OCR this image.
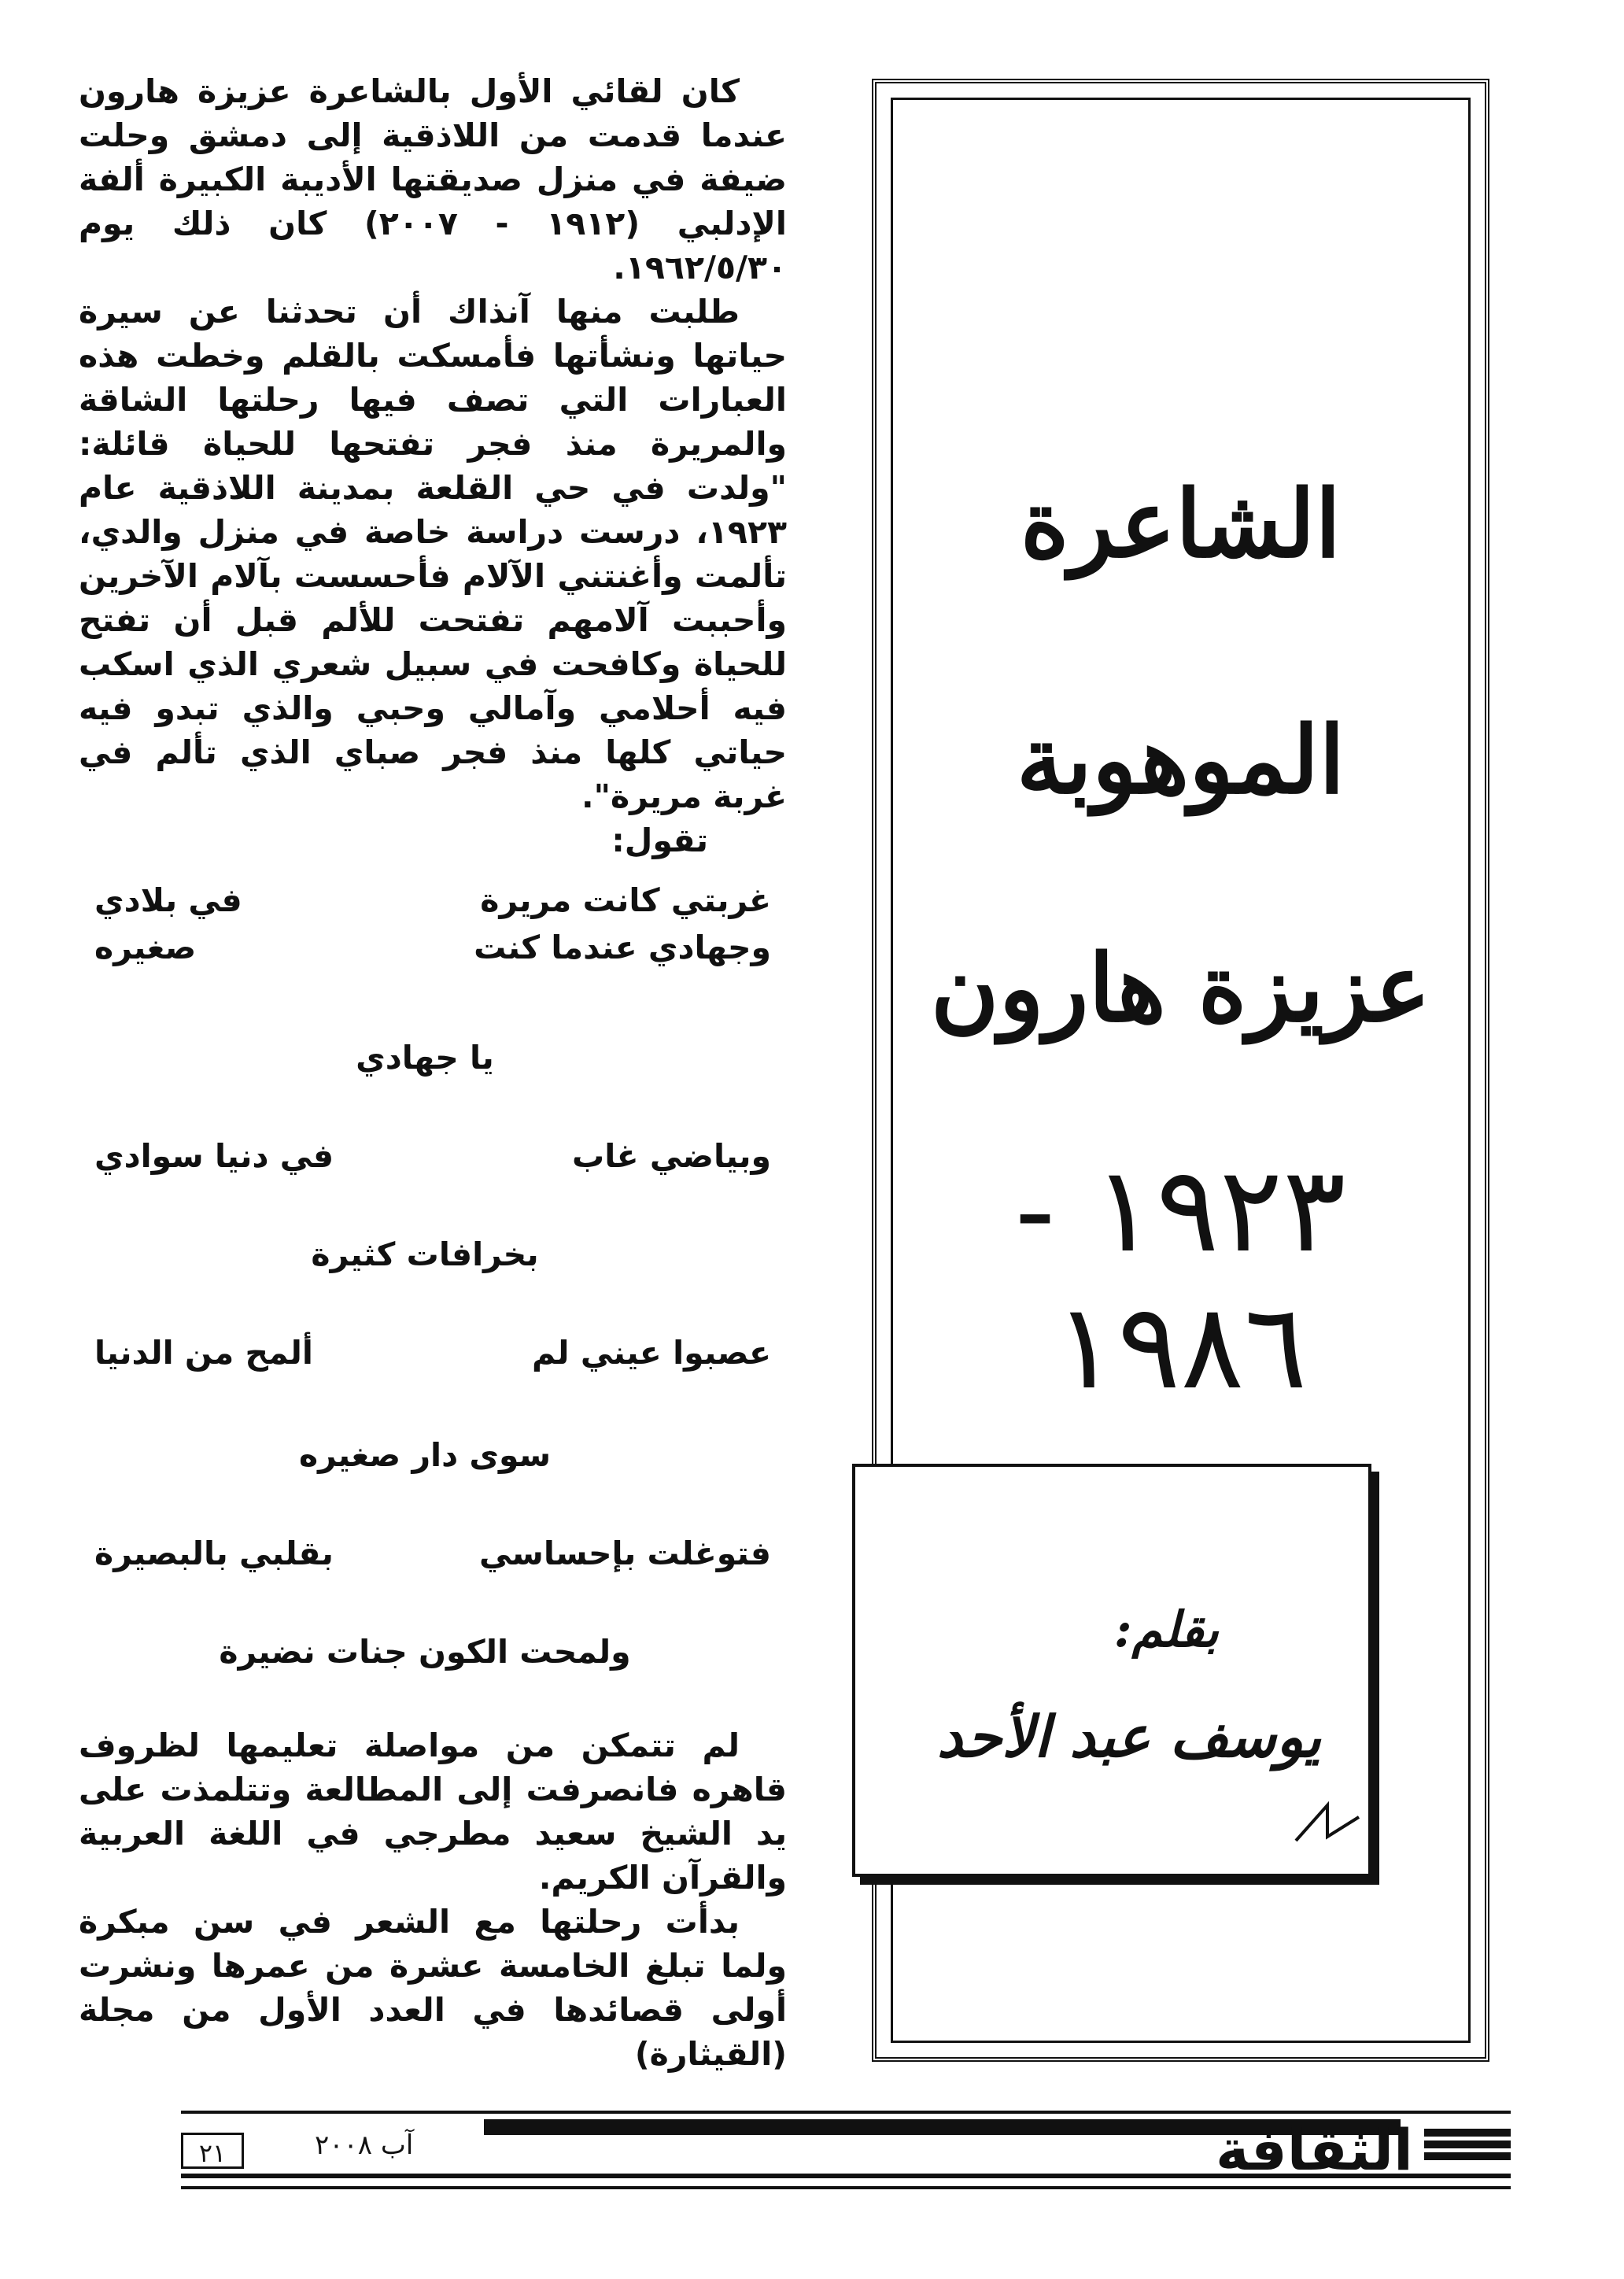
الشاعرة
الموهوبة
عزيزة هارون
١٩٢٣ - ١٩٨٦
بقلم:
يوسف عبد الأحد

كان لقائي الأول بالشاعرة عزيزة هارون عندما قدمت من اللاذقية إلى دمشق وحلت ضيفة في منزل صديقتها الأديبة الكبيرة ألفة الإدلبي (١٩١٢ - ٢٠٠٧) كان ذلك يوم ١٩٦٢/٥/٣٠.

طلبت منها آنذاك أن تحدثنا عن سيرة حياتها ونشأتها فأمسكت بالقلم وخطت هذه العبارات التي تصف فيها رحلتها الشاقة والمريرة منذ فجر تفتحها للحياة قائلة: "ولدت في حي القلعة بمدينة اللاذقية عام ١٩٢٣، درست دراسة خاصة في منزل والدي، تألمت وأغنتني الآلام فأحسست بآلام الآخرين وأحببت آلامهم تفتحت للألم قبل أن تفتح للحياة وكافحت في سبيل شعري الذي اسكب فيه أحلامي وآمالي وحبي والذي تبدو فيه حياتي كلها منذ فجر صباي الذي تألم في غربة مريرة".

تقول:

غربتي كانت مريرةفي بلادي
وجهادي عندما كنتصغيره
يا جهادي
وبياضي غابفي دنيا سوادي
بخرافات كثيرة
عصبوا عيني لمألمح من الدنيا
سوى دار صغيره
فتوغلت بإحساسيبقلبي بالبصيرة
ولمحت الكون جنات نضيرة

لم تتمكن من مواصلة تعليمها لظروف قاهره فانصرفت إلى المطالعة وتتلمذت على يد الشيخ سعيد مطرجي في اللغة العربية والقرآن الكريم.

بدأت رحلتها مع الشعر في سن مبكرة ولما تبلغ الخامسة عشرة من عمرها ونشرت أولى قصائدها في العدد الأول من مجلة (القيثارة)

الثقافة
آب ٢٠٠٨
٢١
